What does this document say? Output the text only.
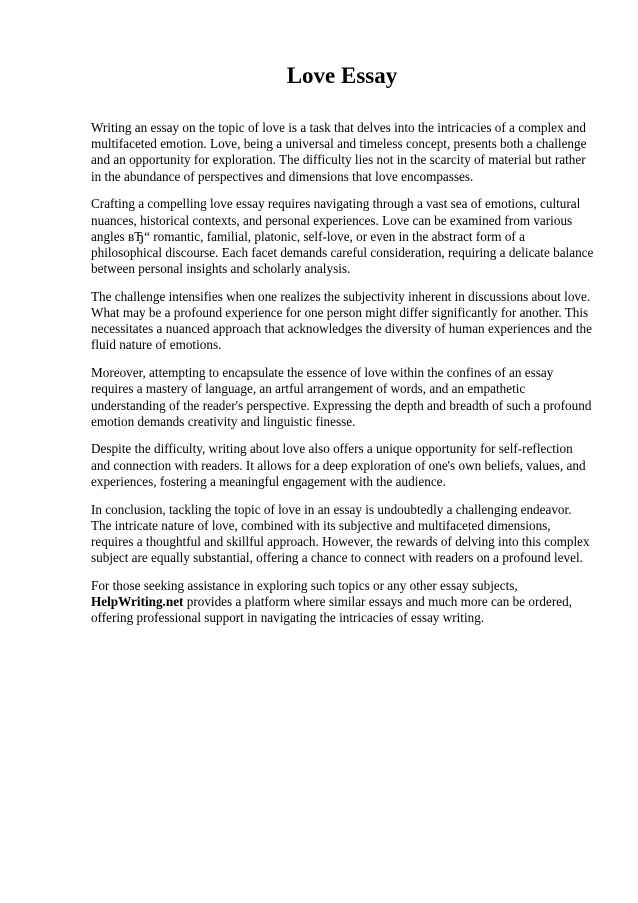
Love Essay

Writing an essay on the topic of love is a task that delves into the intricacies of a complex and multifaceted emotion. Love, being a universal and timeless concept, presents both a challenge and an opportunity for exploration. The difficulty lies not in the scarcity of material but rather in the abundance of perspectives and dimensions that love encompasses.

Crafting a compelling love essay requires navigating through a vast sea of emotions, cultural nuances, historical contexts, and personal experiences. Love can be examined from various angles вЂ“ romantic, familial, platonic, self-love, or even in the abstract form of a philosophical discourse. Each facet demands careful consideration, requiring a delicate balance between personal insights and scholarly analysis.

The challenge intensifies when one realizes the subjectivity inherent in discussions about love. What may be a profound experience for one person might differ significantly for another. This necessitates a nuanced approach that acknowledges the diversity of human experiences and the fluid nature of emotions.

Moreover, attempting to encapsulate the essence of love within the confines of an essay requires a mastery of language, an artful arrangement of words, and an empathetic understanding of the reader's perspective. Expressing the depth and breadth of such a profound emotion demands creativity and linguistic finesse.

Despite the difficulty, writing about love also offers a unique opportunity for self-reflection and connection with readers. It allows for a deep exploration of one's own beliefs, values, and experiences, fostering a meaningful engagement with the audience.

In conclusion, tackling the topic of love in an essay is undoubtedly a challenging endeavor. The intricate nature of love, combined with its subjective and multifaceted dimensions, requires a thoughtful and skillful approach. However, the rewards of delving into this complex subject are equally substantial, offering a chance to connect with readers on a profound level.

For those seeking assistance in exploring such topics or any other essay subjects, HelpWriting.net provides a platform where similar essays and much more can be ordered, offering professional support in navigating the intricacies of essay writing.
